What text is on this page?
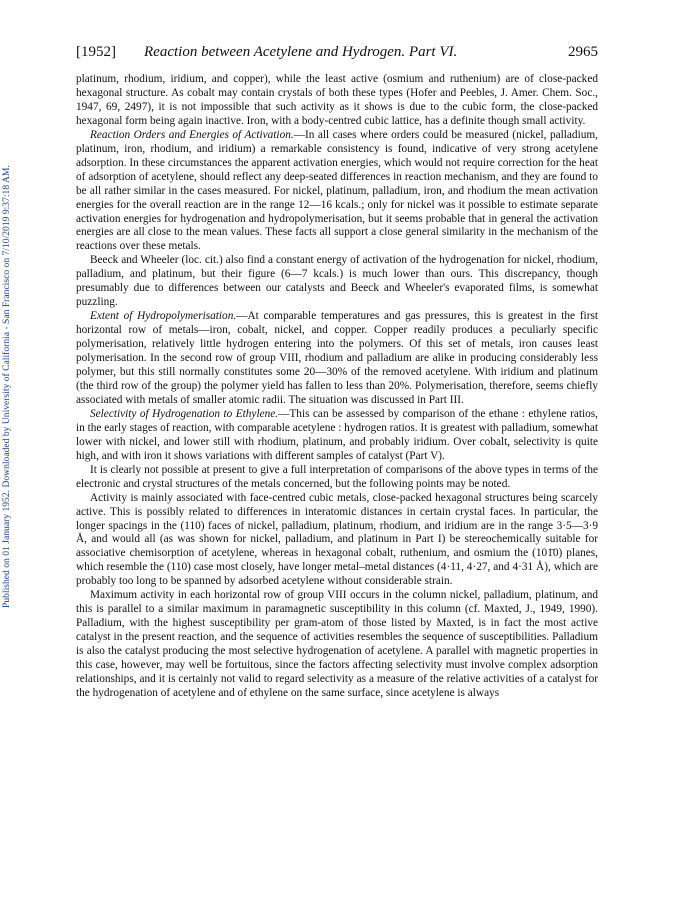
Published on 01 January 1952. Downloaded by University of California - San Francisco on 7/10/2019 9:37:18 AM.
[1952] Reaction between Acetylene and Hydrogen. Part VI.	2965

platinum, rhodium, iridium, and copper), while the least active (osmium and ruthenium) are of close-packed hexagonal structure. As cobalt may contain crystals of both these types (Hofer and Peebles, J. Amer. Chem. Soc., 1947, 69, 2497), it is not impossible that such activity as it shows is due to the cubic form, the close-packed hexagonal form being again inactive. Iron, with a body-centred cubic lattice, has a definite though small activity.

Reaction Orders and Energies of Activation.—In all cases where orders could be measured (nickel, palladium, platinum, iron, rhodium, and iridium) a remarkable consistency is found, indicative of very strong acetylene adsorption. In these circumstances the apparent activation energies, which would not require correction for the heat of adsorption of acetylene, should reflect any deep-seated differences in reaction mechanism, and they are found to be all rather similar in the cases measured. For nickel, platinum, palladium, iron, and rhodium the mean activation energies for the overall reaction are in the range 12—16 kcals.; only for nickel was it possible to estimate separate activation energies for hydrogenation and hydropolymerisation, but it seems probable that in general the activation energies are all close to the mean values. These facts all support a close general similarity in the mechanism of the reactions over these metals.

Beeck and Wheeler (loc. cit.) also find a constant energy of activation of the hydrogenation for nickel, rhodium, palladium, and platinum, but their figure (6—7 kcals.) is much lower than ours. This discrepancy, though presumably due to differences between our catalysts and Beeck and Wheeler's evaporated films, is somewhat puzzling.

Extent of Hydropolymerisation.—At comparable temperatures and gas pressures, this is greatest in the first horizontal row of metals—iron, cobalt, nickel, and copper. Copper readily produces a peculiarly specific polymerisation, relatively little hydrogen entering into the polymers. Of this set of metals, iron causes least polymerisation. In the second row of group VIII, rhodium and palladium are alike in producing considerably less polymer, but this still normally constitutes some 20—30% of the removed acetylene. With iridium and platinum (the third row of the group) the polymer yield has fallen to less than 20%. Polymerisation, therefore, seems chiefly associated with metals of smaller atomic radii. The situation was discussed in Part III.

Selectivity of Hydrogenation to Ethylene.—This can be assessed by comparison of the ethane : ethylene ratios, in the early stages of reaction, with comparable acetylene : hydrogen ratios. It is greatest with palladium, somewhat lower with nickel, and lower still with rhodium, platinum, and probably iridium. Over cobalt, selectivity is quite high, and with iron it shows variations with different samples of catalyst (Part V).

It is clearly not possible at present to give a full interpretation of comparisons of the above types in terms of the electronic and crystal structures of the metals concerned, but the following points may be noted.

Activity is mainly associated with face-centred cubic metals, close-packed hexagonal structures being scarcely active. This is possibly related to differences in interatomic distances in certain crystal faces. In particular, the longer spacings in the (110) faces of nickel, palladium, platinum, rhodium, and iridium are in the range 3·5—3·9 Å, and would all (as was shown for nickel, palladium, and platinum in Part I) be stereochemically suitable for associative chemisorption of acetylene, whereas in hexagonal cobalt, ruthenium, and osmium the (101̄0) planes, which resemble the (110) case most closely, have longer metal–metal distances (4·11, 4·27, and 4·31 Å), which are probably too long to be spanned by adsorbed acetylene without considerable strain.

Maximum activity in each horizontal row of group VIII occurs in the column nickel, palladium, platinum, and this is parallel to a similar maximum in paramagnetic susceptibility in this column (cf. Maxted, J., 1949, 1990). Palladium, with the highest susceptibility per gram-atom of those listed by Maxted, is in fact the most active catalyst in the present reaction, and the sequence of activities resembles the sequence of susceptibilities. Palladium is also the catalyst producing the most selective hydrogenation of acetylene. A parallel with magnetic properties in this case, however, may well be fortuitous, since the factors affecting selectivity must involve complex adsorption relationships, and it is certainly not valid to regard selectivity as a measure of the relative activities of a catalyst for the hydrogenation of acetylene and of ethylene on the same surface, since acetylene is always
